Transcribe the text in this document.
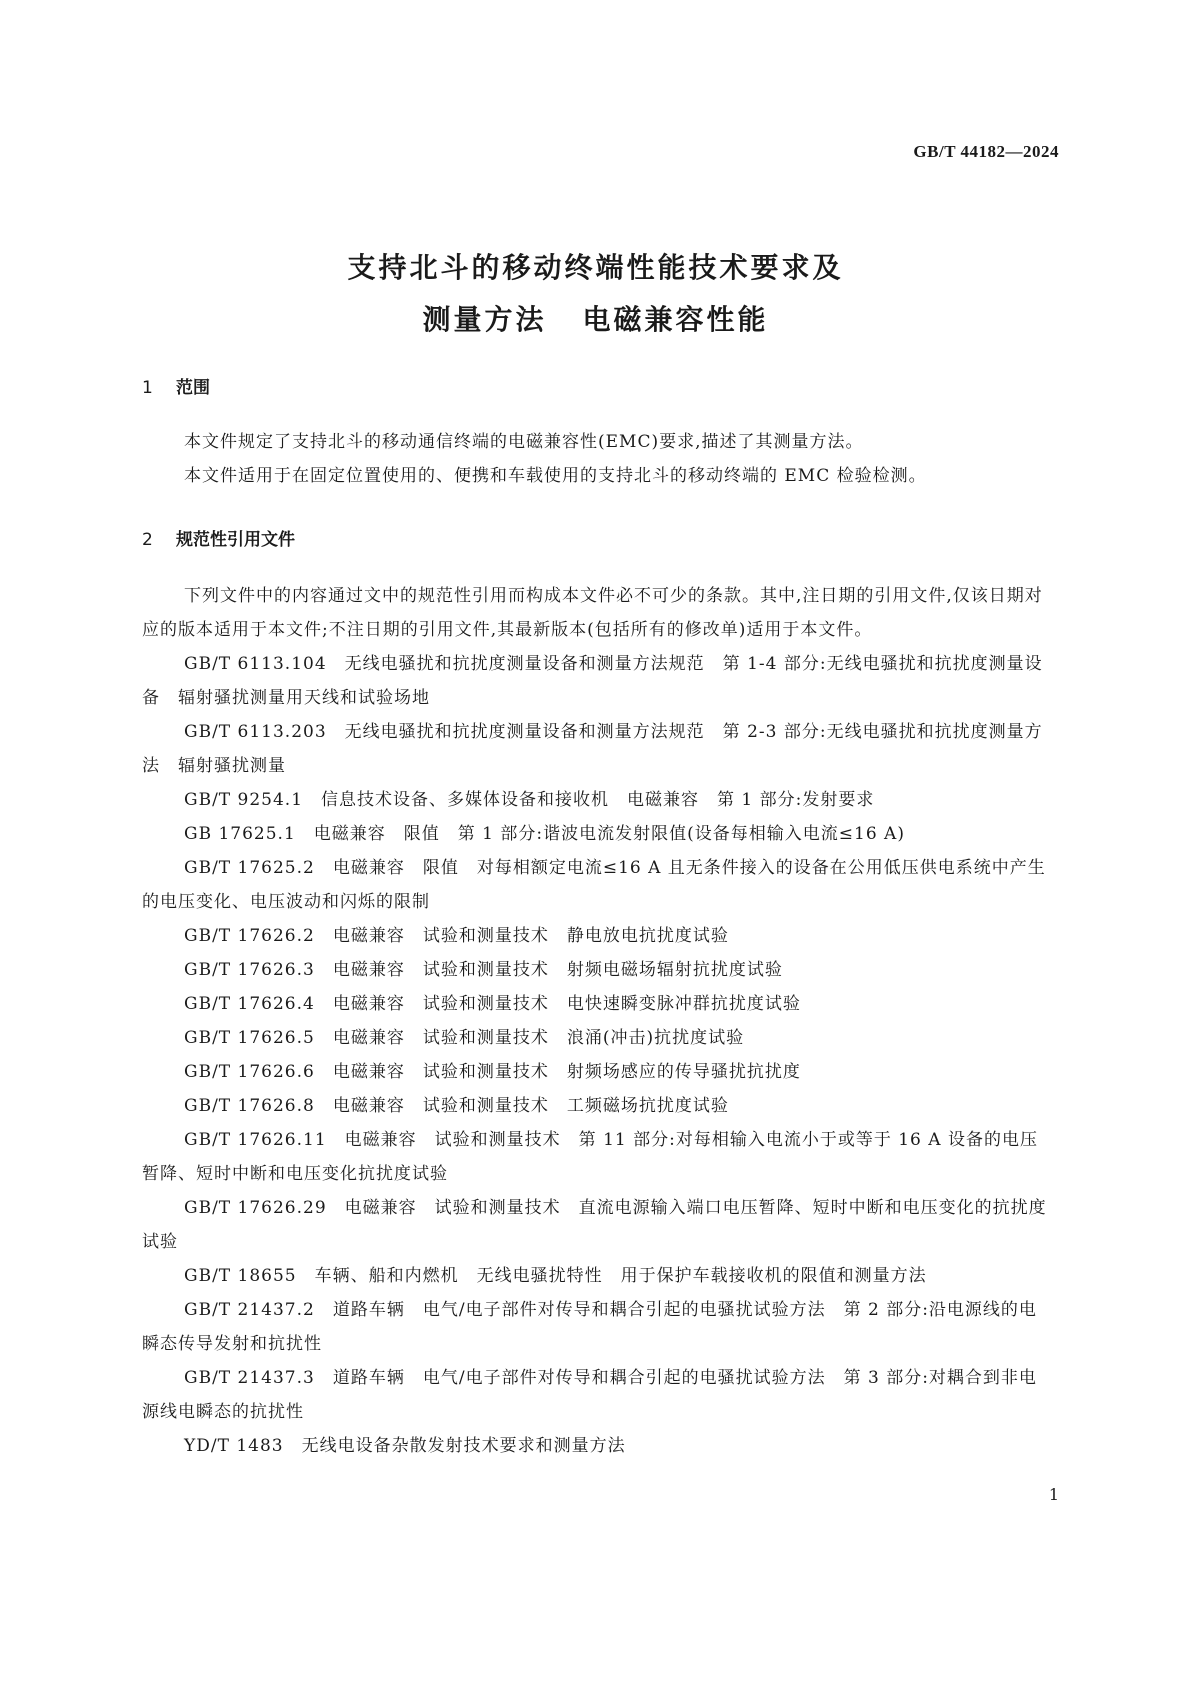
GB/T 44182—2024
支持北斗的移动终端性能技术要求及
测量方法 电磁兼容性能
1 范围

本文件规定了支持北斗的移动通信终端的电磁兼容性(EMC)要求,描述了其测量方法。

本文件适用于在固定位置使用的、便携和车载使用的支持北斗的移动终端的 EMC 检验检测。

2 规范性引用文件

下列文件中的内容通过文中的规范性引用而构成本文件必不可少的条款。其中,注日期的引用文件,仅该日期对应的版本适用于本文件;不注日期的引用文件,其最新版本(包括所有的修改单)适用于本文件。

GB/T 6113.104 无线电骚扰和抗扰度测量设备和测量方法规范　第 1-4 部分:无线电骚扰和抗扰度测量设备　辐射骚扰测量用天线和试验场地

GB/T 6113.203 无线电骚扰和抗扰度测量设备和测量方法规范　第 2-3 部分:无线电骚扰和抗扰度测量方法　辐射骚扰测量

GB/T 9254.1 信息技术设备、多媒体设备和接收机　电磁兼容　第 1 部分:发射要求

GB 17625.1 电磁兼容　限值　第 1 部分:谐波电流发射限值(设备每相输入电流≤16 A)

GB/T 17625.2 电磁兼容　限值　对每相额定电流≤16 A 且无条件接入的设备在公用低压供电系统中产生的电压变化、电压波动和闪烁的限制

GB/T 17626.2 电磁兼容　试验和测量技术　静电放电抗扰度试验

GB/T 17626.3 电磁兼容　试验和测量技术　射频电磁场辐射抗扰度试验

GB/T 17626.4 电磁兼容　试验和测量技术　电快速瞬变脉冲群抗扰度试验

GB/T 17626.5 电磁兼容　试验和测量技术　浪涌(冲击)抗扰度试验

GB/T 17626.6 电磁兼容　试验和测量技术　射频场感应的传导骚扰抗扰度

GB/T 17626.8 电磁兼容　试验和测量技术　工频磁场抗扰度试验

GB/T 17626.11 电磁兼容　试验和测量技术　第 11 部分:对每相输入电流小于或等于 16 A 设备的电压暂降、短时中断和电压变化抗扰度试验

GB/T 17626.29 电磁兼容　试验和测量技术　直流电源输入端口电压暂降、短时中断和电压变化的抗扰度试验

GB/T 18655 车辆、船和内燃机　无线电骚扰特性　用于保护车载接收机的限值和测量方法

GB/T 21437.2 道路车辆　电气/电子部件对传导和耦合引起的电骚扰试验方法　第 2 部分:沿电源线的电瞬态传导发射和抗扰性

GB/T 21437.3 道路车辆　电气/电子部件对传导和耦合引起的电骚扰试验方法　第 3 部分:对耦合到非电源线电瞬态的抗扰性

YD/T 1483 无线电设备杂散发射技术要求和测量方法

1
